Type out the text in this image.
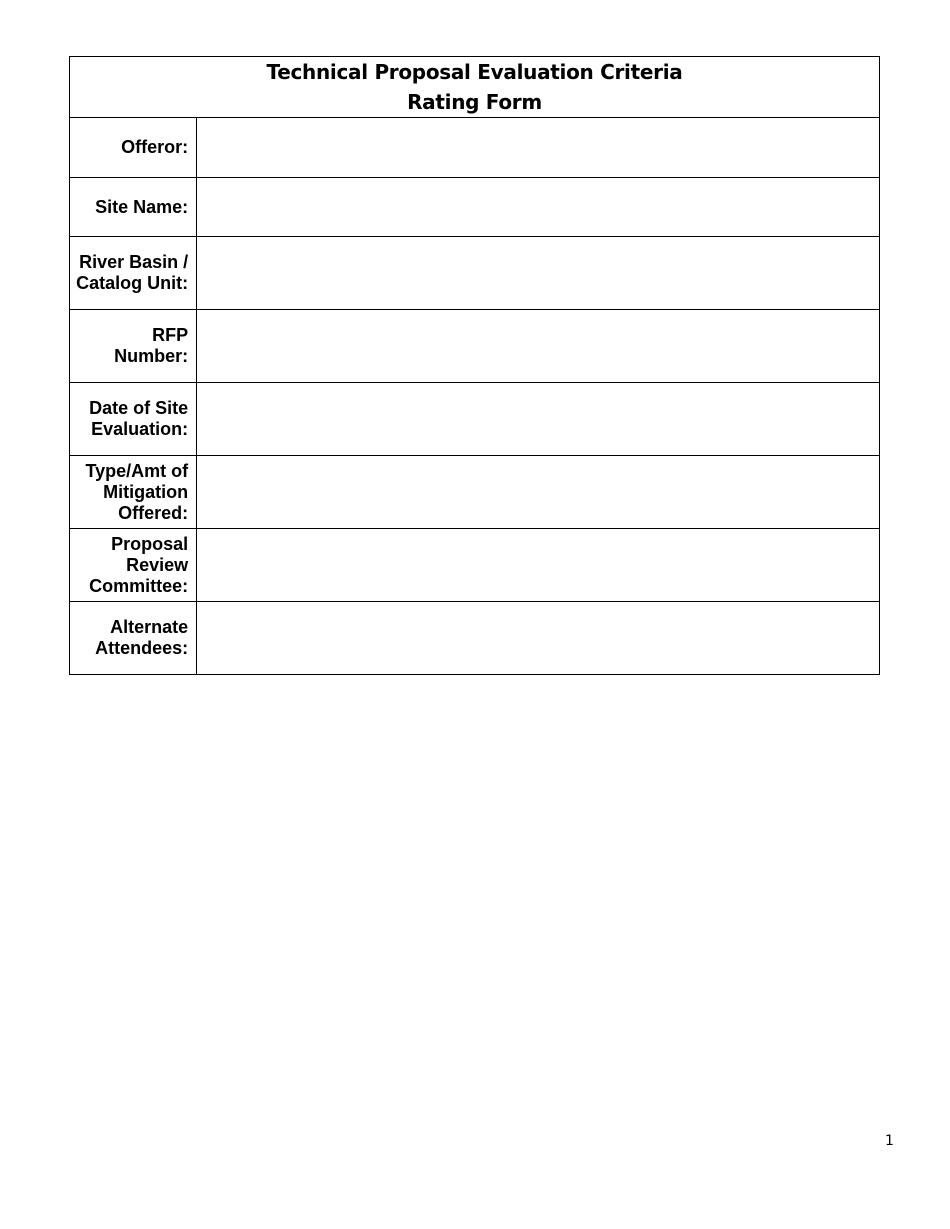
Technical Proposal Evaluation Criteria
Rating Form	

Offeror:	
Site Name:	
River Basin / Catalog Unit:	
RFP Number:	
Date of Site Evaluation:	
Type/Amt of Mitigation Offered:	
Proposal Review Committee:	
Alternate Attendees:	
1
